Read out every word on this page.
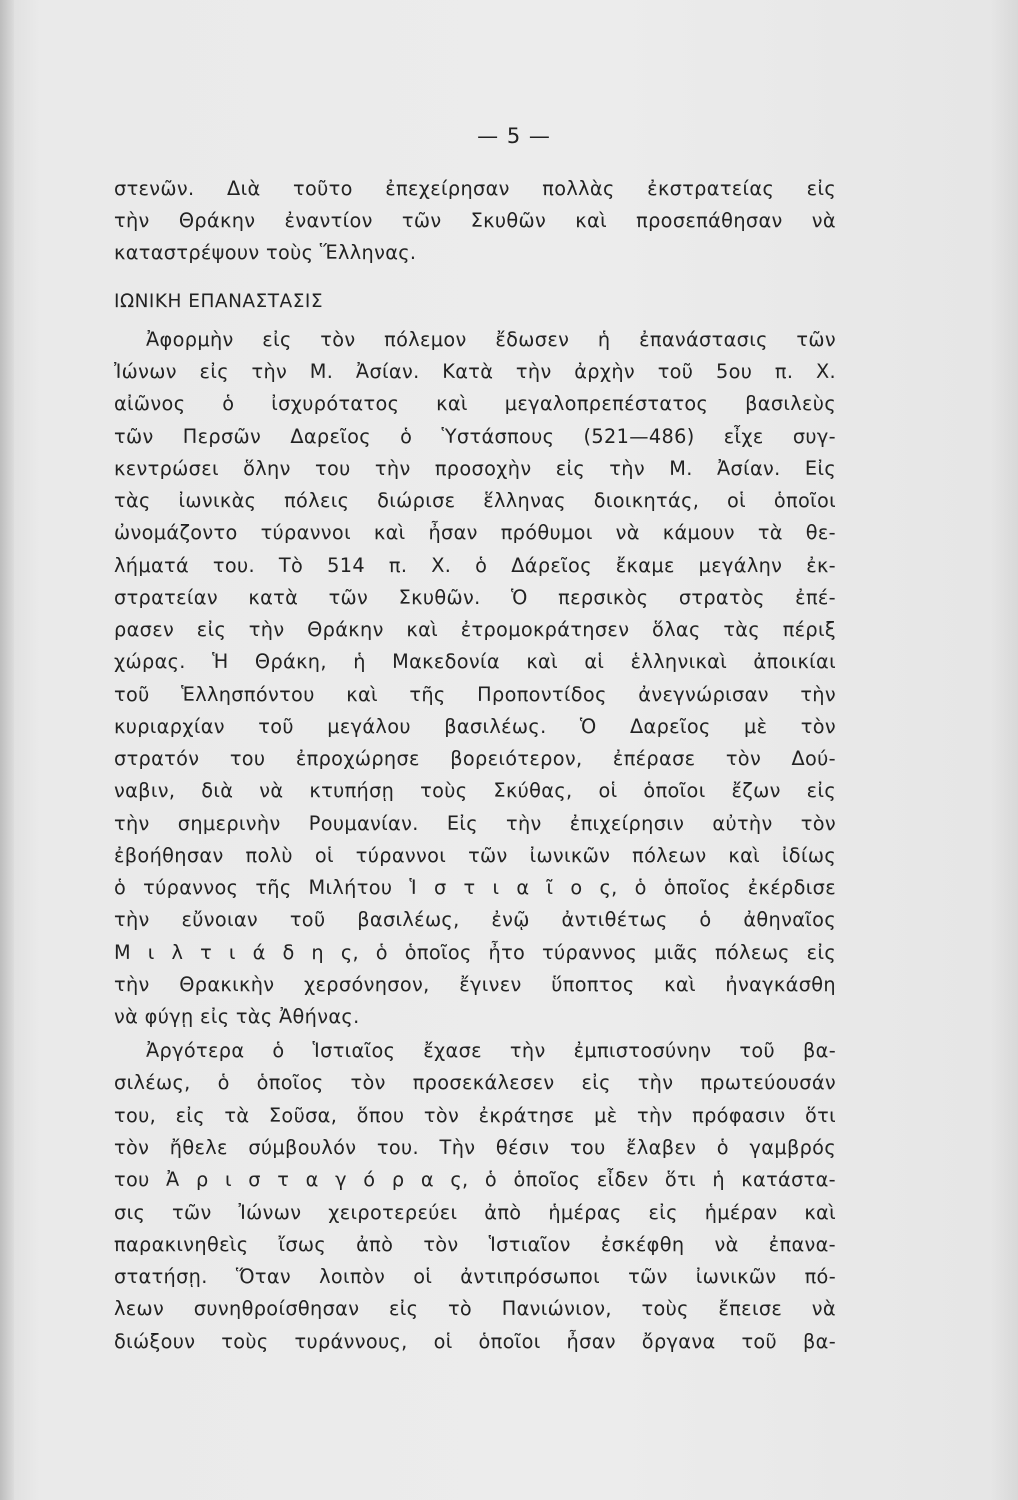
— 5 —
στενῶν. Διὰ τοῦτο ἐπεχείρησαν πολλὰς ἐκστρατείας εἰς
τὴν Θράκην ἐναντίον τῶν Σκυθῶν καὶ προσεπάθησαν νὰ
καταστρέψουν τοὺς Ἕλληνας.
ΙΩΝΙΚΗ ΕΠΑΝΑΣΤΑΣΙΣ
Ἀφορμὴν εἰς τὸν πόλεμον ἔδωσεν ἡ ἐπανάστασις τῶν
Ἰώνων εἰς τὴν Μ. Ἀσίαν. Κατὰ τὴν ἀρχὴν τοῦ 5ου π. Χ.
αἰῶνος ὁ ἰσχυρότατος καὶ μεγαλοπρεπέστατος βασιλεὺς
τῶν Περσῶν Δαρεῖος ὁ Ὑστάσπους (521—486) εἶχε συγ-
κεντρώσει ὅλην του τὴν προσοχὴν εἰς τὴν Μ. Ἀσίαν. Εἰς
τὰς ἰωνικὰς πόλεις διώρισε ἕλληνας διοικητάς, οἱ ὁποῖοι
ὠνομάζοντο τύραννοι καὶ ἦσαν πρόθυμοι νὰ κάμουν τὰ θε-
λήματά του. Τὸ 514 π. Χ. ὁ Δάρεῖος ἔκαμε μεγάλην ἐκ-
στρατείαν κατὰ τῶν Σκυθῶν. Ὁ περσικὸς στρατὸς ἐπέ-
ρασεν εἰς τὴν Θράκην καὶ ἐτρομοκράτησεν ὅλας τὰς πέριξ
χώρας. Ἡ Θράκη, ἡ Μακεδονία καὶ αἱ ἑλληνικαὶ ἀποικίαι
τοῦ Ἑλλησπόντου καὶ τῆς Προποντίδος ἀνεγνώρισαν τὴν
κυριαρχίαν τοῦ μεγάλου βασιλέως. Ὁ Δαρεῖος μὲ τὸν
στρατόν του ἐπροχώρησε βορειότερον, ἐπέρασε τὸν Δού-
ναβιν, διὰ νὰ κτυπήσῃ τοὺς Σκύθας, οἱ ὁποῖοι ἔζων εἰς
τὴν σημερινὴν Ρουμανίαν. Εἰς τὴν ἐπιχείρησιν αὐτὴν τὸν
ἐβοήθησαν πολὺ οἱ τύραννοι τῶν ἰωνικῶν πόλεων καὶ ἰδίως
ὁ τύραννος τῆς Μιλήτου Ἱ σ τ ι α ῖ ο ς, ὁ ὁποῖος ἐκέρδισε
τὴν εὔνοιαν τοῦ βασιλέως, ἐνῷ ἀντιθέτως ὁ ἀθηναῖος
Μ ι λ τ ι ά δ η ς, ὁ ὁποῖος ἦτο τύραννος μιᾶς πόλεως εἰς
τὴν Θρακικὴν χερσόνησον, ἔγινεν ὕποπτος καὶ ἠναγκάσθη
νὰ φύγῃ εἰς τὰς Ἀθήνας.
Ἀργότερα ὁ Ἱστιαῖος ἔχασε τὴν ἐμπιστοσύνην τοῦ βα-
σιλέως, ὁ ὁποῖος τὸν προσεκάλεσεν εἰς τὴν πρωτεύουσάν
του, εἰς τὰ Σοῦσα, ὅπου τὸν ἐκράτησε μὲ τὴν πρόφασιν ὅτι
τὸν ἤθελε σύμβουλόν του. Τὴν θέσιν του ἔλαβεν ὁ γαμβρός
του Ἀ ρ ι σ τ α γ ό ρ α ς, ὁ ὁποῖος εἶδεν ὅτι ἡ κατάστα-
σις τῶν Ἰώνων χειροτερεύει ἀπὸ ἡμέρας εἰς ἡμέραν καὶ
παρακινηθεὶς ἴσως ἀπὸ τὸν Ἱστιαῖον ἐσκέφθη νὰ ἐπανα-
στατήσῃ. Ὅταν λοιπὸν οἱ ἀντιπρόσωποι τῶν ἰωνικῶν πό-
λεων συνηθροίσθησαν εἰς τὸ Πανιώνιον, τοὺς ἔπεισε νὰ
διώξουν τοὺς τυράννους, οἱ ὁποῖοι ἦσαν ὄργανα τοῦ βα-
